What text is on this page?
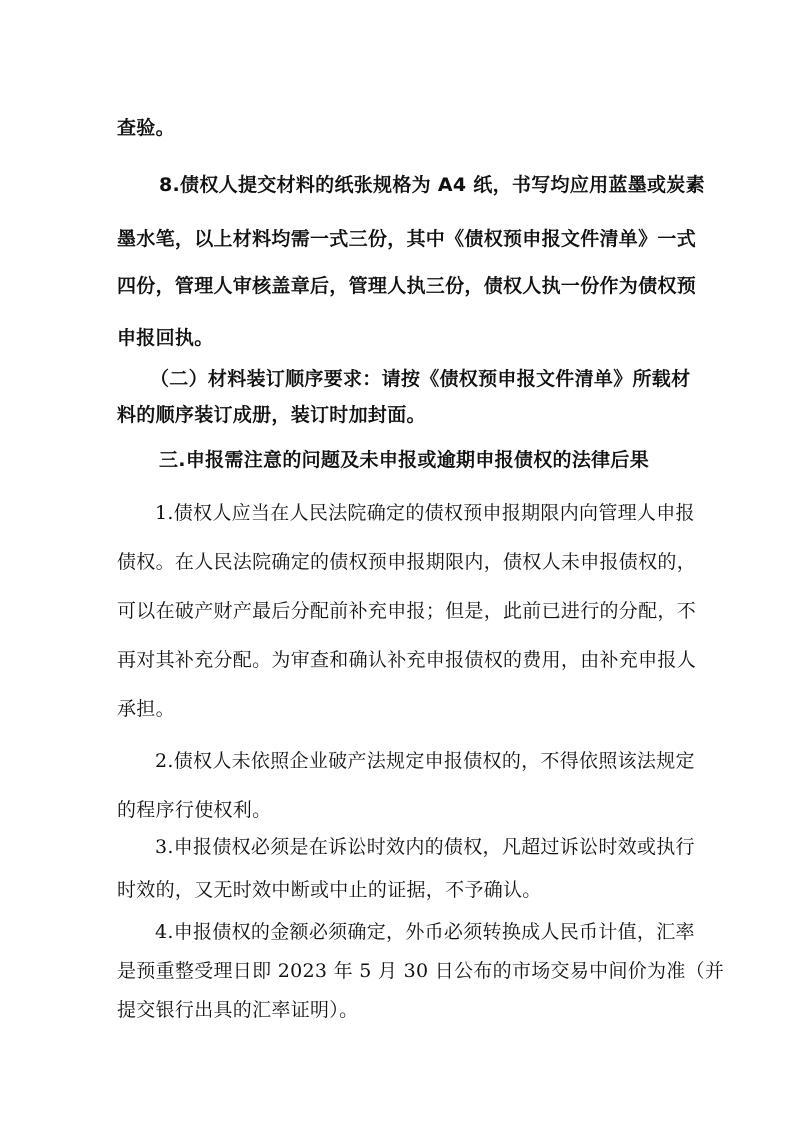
查验。
8.债权人提交材料的纸张规格为 A4 纸，书写均应用蓝墨或炭素
墨水笔，以上材料均需一式三份，其中《债权预申报文件清单》一式
四份，管理人审核盖章后，管理人执三份，债权人执一份作为债权预
申报回执。
（二）材料装订顺序要求：请按《债权预申报文件清单》所载材
料的顺序装订成册，装订时加封面。
三.申报需注意的问题及未申报或逾期申报债权的法律后果
1.债权人应当在人民法院确定的债权预申报期限内向管理人申报
债权。在人民法院确定的债权预申报期限内，债权人未申报债权的，
可以在破产财产最后分配前补充申报；但是，此前已进行的分配，不
再对其补充分配。为审查和确认补充申报债权的费用，由补充申报人
承担。
2.债权人未依照企业破产法规定申报债权的，不得依照该法规定
的程序行使权利。
3.申报债权必须是在诉讼时效内的债权，凡超过诉讼时效或执行
时效的，又无时效中断或中止的证据，不予确认。
4.申报债权的金额必须确定，外币必须转换成人民币计值，汇率
是预重整受理日即 2023 年 5 月 30 日公布的市场交易中间价为准（并
提交银行出具的汇率证明）。
